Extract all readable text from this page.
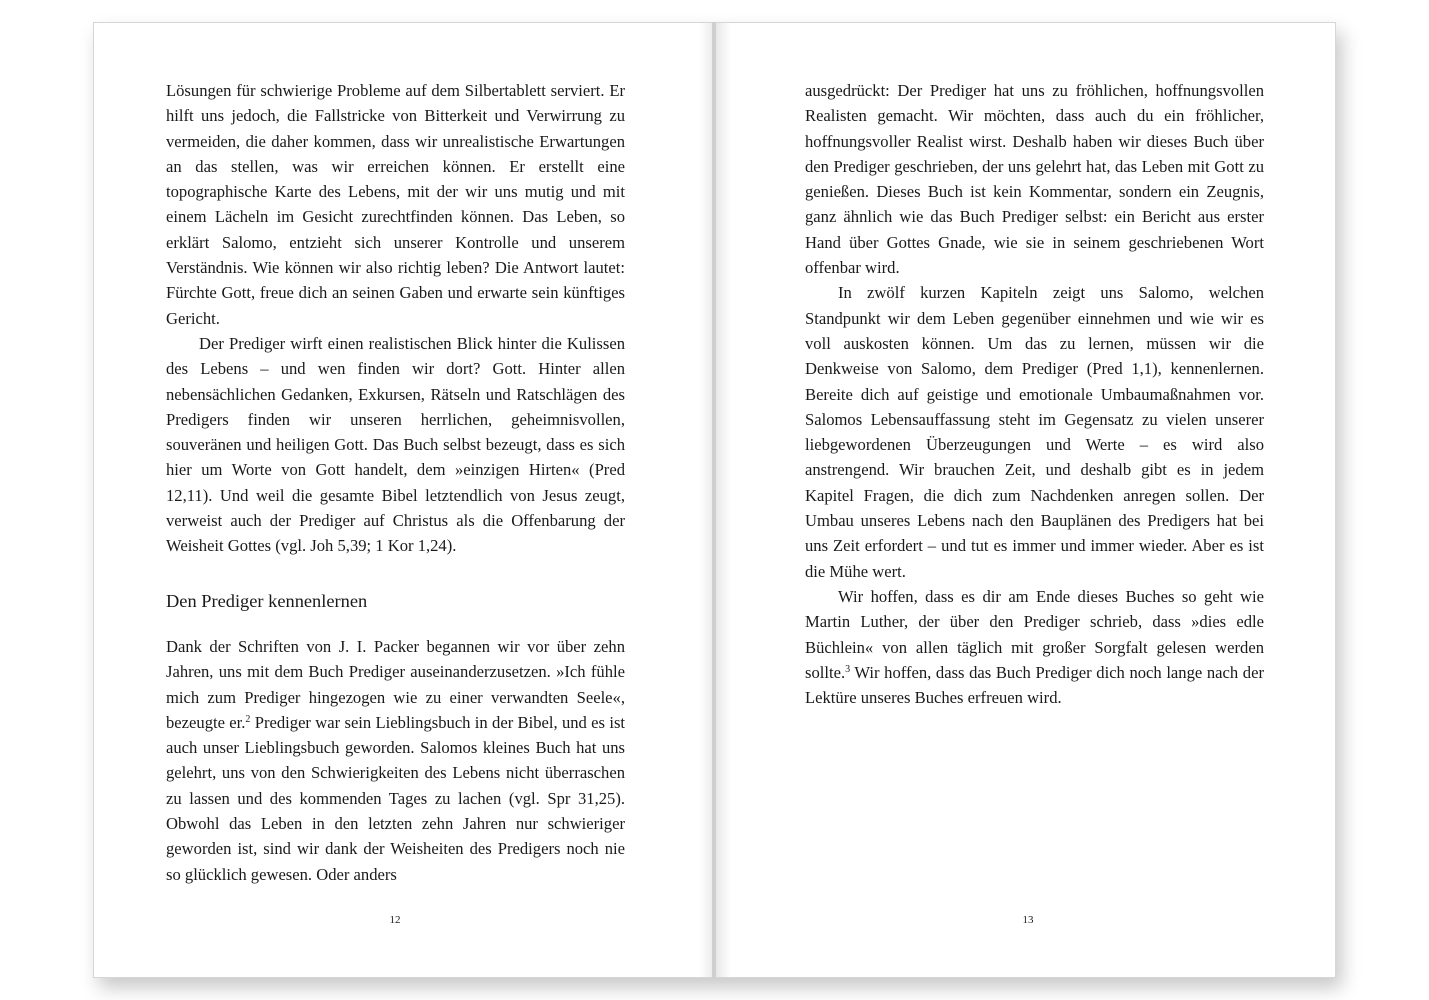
Lösungen für schwierige Probleme auf dem Silbertablett serviert. Er hilft uns jedoch, die Fallstricke von Bitterkeit und Verwirrung zu vermeiden, die daher kommen, dass wir unrealistische Erwartungen an das stellen, was wir erreichen können. Er erstellt eine topographische Karte des Lebens, mit der wir uns mutig und mit einem Lächeln im Gesicht zurechtfinden können. Das Leben, so erklärt Salomo, entzieht sich unserer Kontrolle und unserem Verständnis. Wie können wir also richtig leben? Die Antwort lautet: Fürchte Gott, freue dich an seinen Gaben und erwarte sein künftiges Gericht.

Der Prediger wirft einen realistischen Blick hinter die Kulissen des Lebens – und wen finden wir dort? Gott. Hinter allen nebensächlichen Gedanken, Exkursen, Rätseln und Ratschlägen des Predigers finden wir unseren herrlichen, geheimnisvollen, souveränen und heiligen Gott. Das Buch selbst bezeugt, dass es sich hier um Worte von Gott handelt, dem »einzigen Hirten« (Pred 12,11). Und weil die gesamte Bibel letztendlich von Jesus zeugt, verweist auch der Prediger auf Christus als die Offenbarung der Weisheit Gottes (vgl. Joh 5,39; 1 Kor 1,24).

Den Prediger kennenlernen

Dank der Schriften von J. I. Packer begannen wir vor über zehn Jahren, uns mit dem Buch Prediger auseinanderzusetzen. »Ich fühle mich zum Prediger hingezogen wie zu einer verwandten Seele«, bezeugte er.$^2$ Prediger war sein Lieblingsbuch in der Bibel, und es ist auch unser Lieblingsbuch geworden. Salomos kleines Buch hat uns gelehrt, uns von den Schwierigkeiten des Lebens nicht überraschen zu lassen und des kommenden Tages zu lachen (vgl. Spr 31,25). Obwohl das Leben in den letzten zehn Jahren nur schwieriger geworden ist, sind wir dank der Weisheiten des Predigers noch nie so glücklich gewesen. Oder anders

12

ausgedrückt: Der Prediger hat uns zu fröhlichen, hoffnungsvollen Realisten gemacht. Wir möchten, dass auch du ein fröhlicher, hoffnungsvoller Realist wirst. Deshalb haben wir dieses Buch über den Prediger geschrieben, der uns gelehrt hat, das Leben mit Gott zu genießen. Dieses Buch ist kein Kommentar, sondern ein Zeugnis, ganz ähnlich wie das Buch Prediger selbst: ein Bericht aus erster Hand über Gottes Gnade, wie sie in seinem geschriebenen Wort offenbar wird.

In zwölf kurzen Kapiteln zeigt uns Salomo, welchen Standpunkt wir dem Leben gegenüber einnehmen und wie wir es voll auskosten können. Um das zu lernen, müssen wir die Denkweise von Salomo, dem Prediger (Pred 1,1), kennenlernen. Bereite dich auf geistige und emotionale Umbaumaßnahmen vor. Salomos Lebensauffassung steht im Gegensatz zu vielen unserer liebgewordenen Überzeugungen und Werte – es wird also anstrengend. Wir brauchen Zeit, und deshalb gibt es in jedem Kapitel Fragen, die dich zum Nachdenken anregen sollen. Der Umbau unseres Lebens nach den Bauplänen des Predigers hat bei uns Zeit erfordert – und tut es immer und immer wieder. Aber es ist die Mühe wert.

Wir hoffen, dass es dir am Ende dieses Buches so geht wie Martin Luther, der über den Prediger schrieb, dass »dies edle Büchlein« von allen täglich mit großer Sorgfalt gelesen werden sollte.$^3$ Wir hoffen, dass das Buch Prediger dich noch lange nach der Lektüre unseres Buches erfreuen wird.

13
